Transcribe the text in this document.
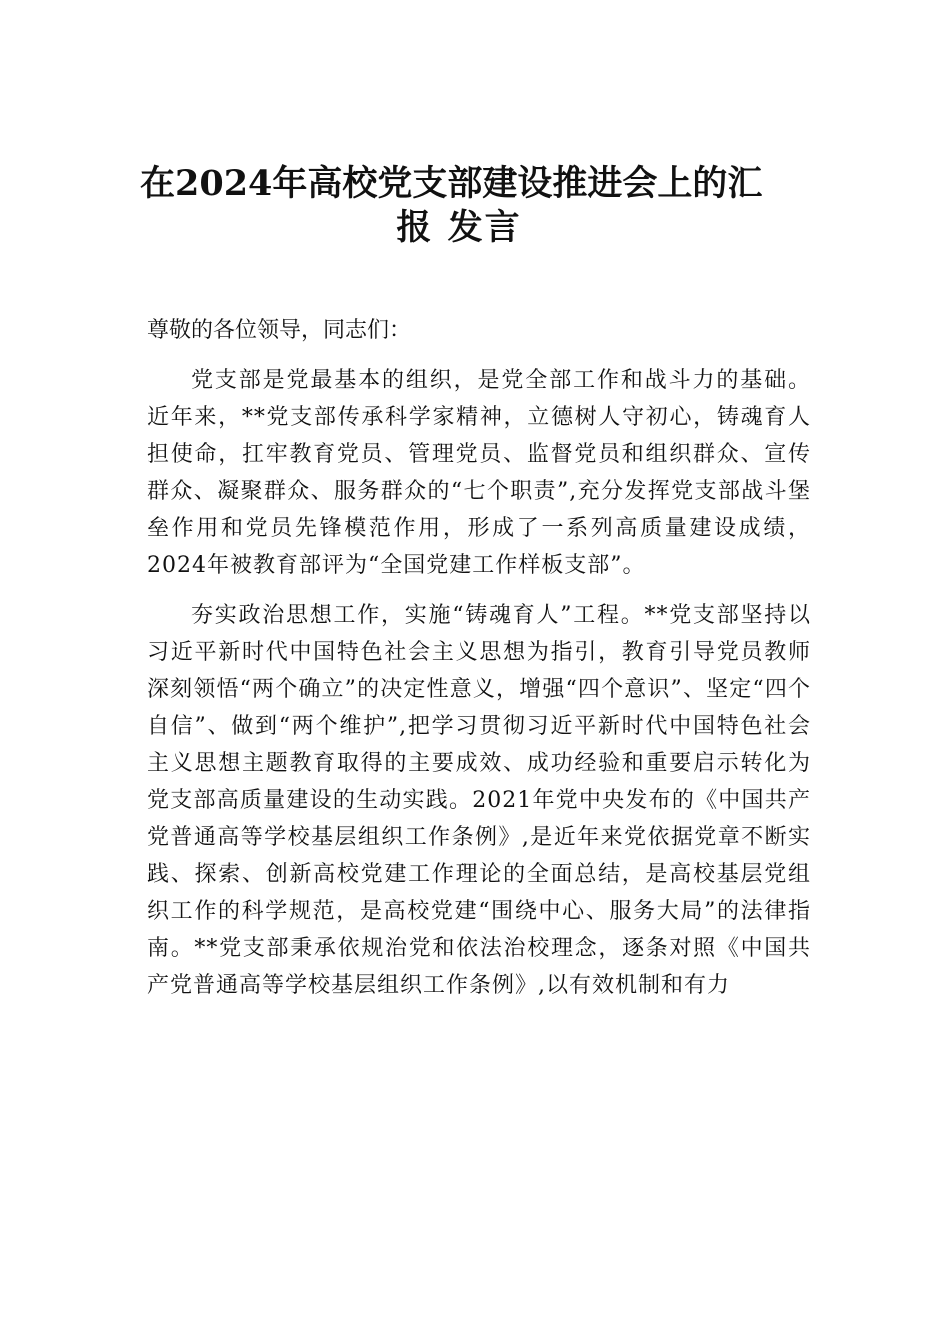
在2024年高校党支部建设推进会上的汇
报 发言

尊敬的各位领导，同志们：

党支部是党最基本的组织，是党全部工作和战斗力的基础。近年来，**党支部传承科学家精神，立德树人守初心，铸魂育人担使命，扛牢教育党员、管理党员、监督党员和组织群众、宣传群众、凝聚群众、服务群众的“七个职责”,充分发挥党支部战斗堡垒作用和党员先锋模范作用，形成了一系列高质量建设成绩，2024年被教育部评为“全国党建工作样板支部”。

夯实政治思想工作，实施“铸魂育人”工程。**党支部坚持以习近平新时代中国特色社会主义思想为指引，教育引导党员教师深刻领悟“两个确立”的决定性意义，增强“四个意识”、坚定“四个自信”、做到“两个维护”,把学习贯彻习近平新时代中国特色社会主义思想主题教育取得的主要成效、成功经验和重要启示转化为党支部高质量建设的生动实践。2021年党中央发布的《中国共产党普通高等学校基层组织工作条例》,是近年来党依据党章不断实践、探索、创新高校党建工作理论的全面总结，是高校基层党组织工作的科学规范，是高校党建“围绕中心、服务大局”的法律指南。**党支部秉承依规治党和依法治校理念，逐条对照《中国共产党普通高等学校基层组织工作条例》,以有效机制和有力
